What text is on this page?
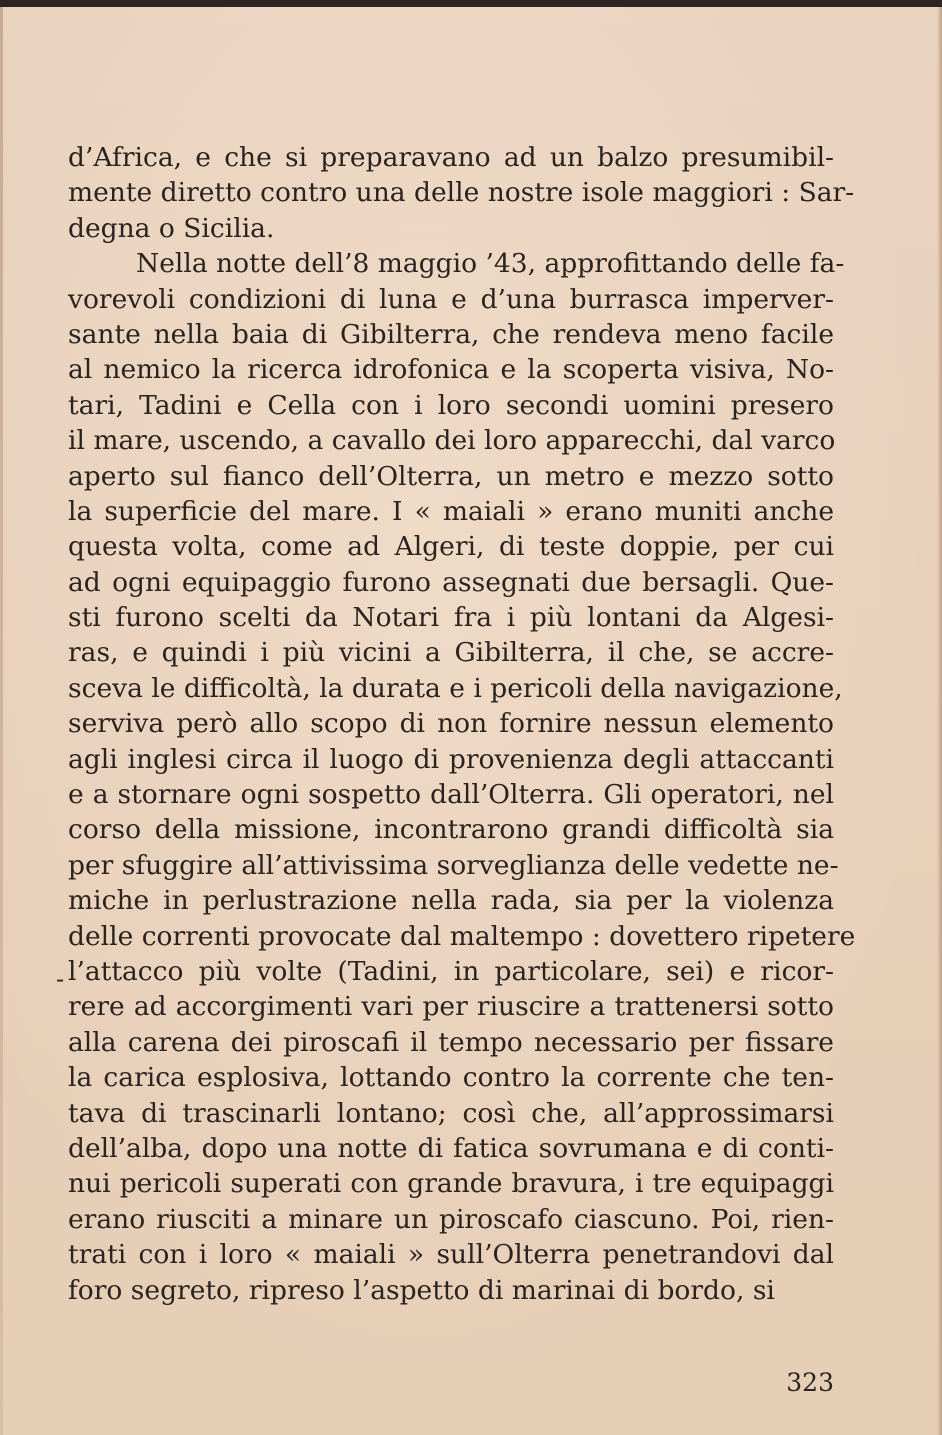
d’Africa, e che si preparavano ad un balzo presumibil-
mente diretto contro una delle nostre isole maggiori : Sar-
degna o Sicilia.
Nella notte dell’8 maggio ’43, approfittando delle fa-
vorevoli condizioni di luna e d’una burrasca imperver-
sante nella baia di Gibilterra, che rendeva meno facile
al nemico la ricerca idrofonica e la scoperta visiva, No-
tari, Tadini e Cella con i loro secondi uomini presero
il mare, uscendo, a cavallo dei loro apparecchi, dal varco
aperto sul fianco dell’Olterra, un metro e mezzo sotto
la superficie del mare. I « maiali » erano muniti anche
questa volta, come ad Algeri, di teste doppie, per cui
ad ogni equipaggio furono assegnati due bersagli. Que-
sti furono scelti da Notari fra i più lontani da Algesi-
ras, e quindi i più vicini a Gibilterra, il che, se accre-
sceva le difficoltà, la durata e i pericoli della navigazione,
serviva però allo scopo di non fornire nessun elemento
agli inglesi circa il luogo di provenienza degli attaccanti
e a stornare ogni sospetto dall’Olterra. Gli operatori, nel
corso della missione, incontrarono grandi difficoltà sia
per sfuggire all’attivissima sorveglianza delle vedette ne-
miche in perlustrazione nella rada, sia per la violenza
delle correnti provocate dal maltempo : dovettero ripetere
l’attacco più volte (Tadini, in particolare, sei) e ricor-
rere ad accorgimenti vari per riuscire a trattenersi sotto
alla carena dei piroscafi il tempo necessario per fissare
la carica esplosiva, lottando contro la corrente che ten-
tava di trascinarli lontano; così che, all’approssimarsi
dell’alba, dopo una notte di fatica sovrumana e di conti-
nui pericoli superati con grande bravura, i tre equipaggi
erano riusciti a minare un piroscafo ciascuno. Poi, rien-
trati con i loro « maiali » sull’Olterra penetrandovi dal
foro segreto, ripreso l’aspetto di marinai di bordo, si
-
323
